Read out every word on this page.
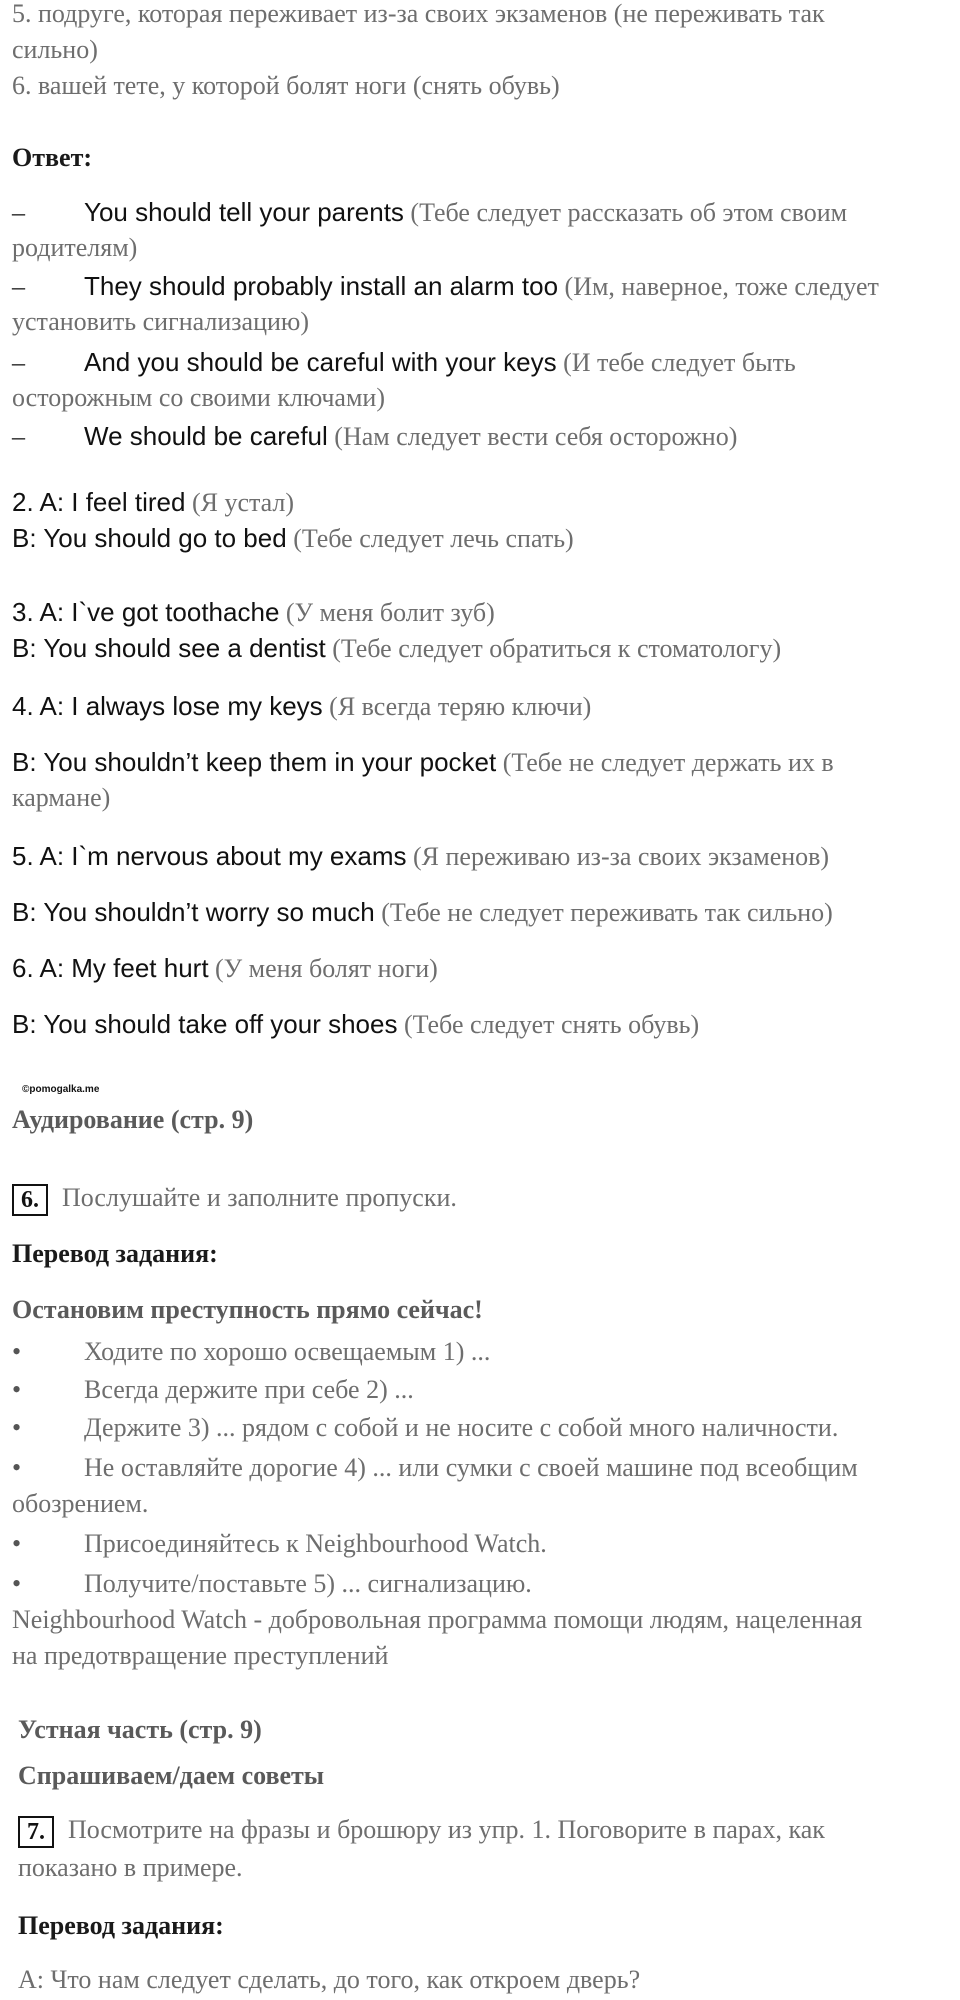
5. подруге, которая переживает из-за своих экзаменов (не переживать так
сильно)
6. вашей тете, у которой болят ноги (снять обувь)
Ответ:
– You should tell your parents (Тебе следует рассказать об этом своим
родителям)
– They should probably install an alarm too (Им, наверное, тоже следует
установить сигнализацию)
– And you should be careful with your keys (И тебе следует быть
осторожным со своими ключами)
– We should be careful (Нам следует вести себя осторожно)
2. A: I feel tired (Я устал)
B: You should go to bed (Тебе следует лечь спать)
3. A: I`ve got toothache (У меня болит зуб)
B: You should see a dentist (Тебе следует обратиться к стоматологу)
4. A: I always lose my keys (Я всегда теряю ключи)
B: You shouldn’t keep them in your pocket (Тебе не следует держать их в
кармане)
5. A: I`m nervous about my exams (Я переживаю из-за своих экзаменов)
B: You shouldn’t worry so much (Тебе не следует переживать так сильно)
6. A: My feet hurt (У меня болят ноги)
B: You should take off your shoes (Тебе следует снять обувь)
Аудирование (стр. 9)
6. Послушайте и заполните пропуски.
Перевод задания:
Остановим преступность прямо сейчас!
• Ходите по хорошо освещаемым 1) ...
• Всегда держите при себе 2) ...
• Держите 3) ... рядом с собой и не носите с собой много наличности.
• Не оставляйте дорогие 4) ... или сумки с своей машине под всеобщим
обозрением.
• Присоединяйтесь к Neighbourhood Watch.
• Получите/поставьте 5) ... сигнализацию.
Neighbourhood Watch - добровольная программа помощи людям, нацеленная
на предотвращение преступлений
Устная часть (стр. 9)
Спрашиваем/даем советы
7. Посмотрите на фразы и брошюру из упр. 1. Поговорите в парах, как
показано в примере.
Перевод задания:
А: Что нам следует сделать, до того, как откроем дверь?
©pomogalka.me
